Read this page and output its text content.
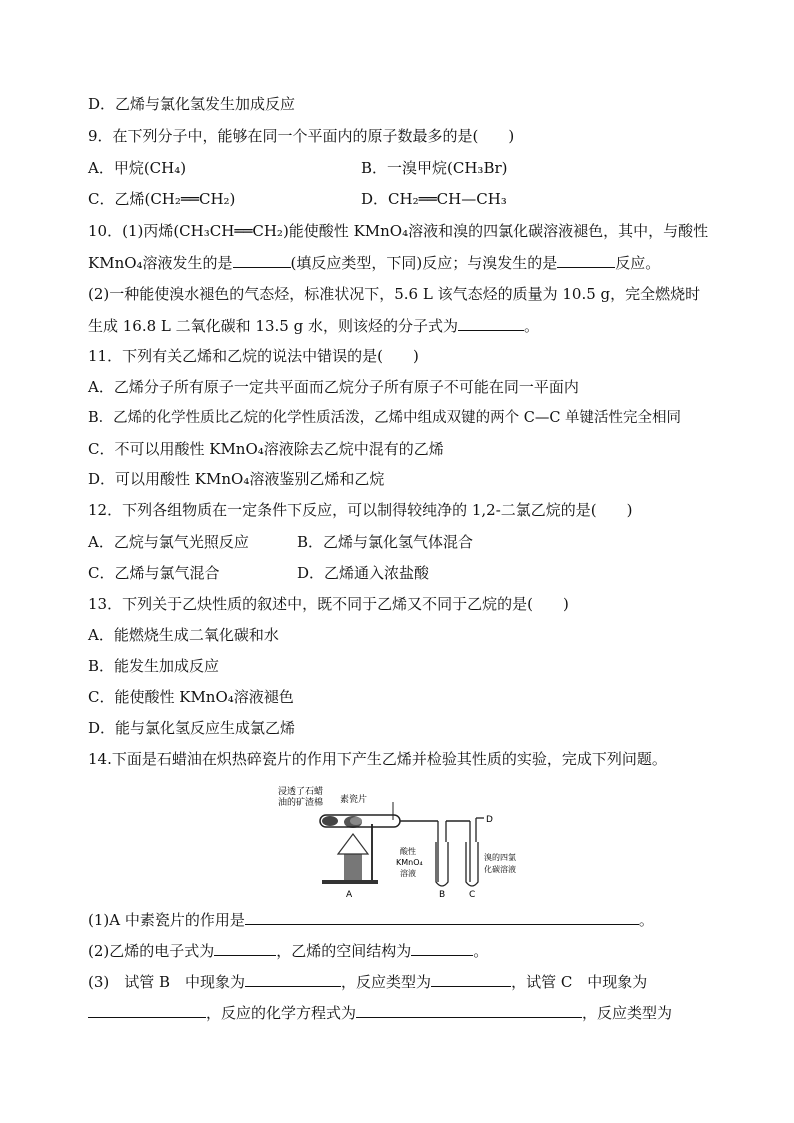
D．乙烯与氯化氢发生加成反应
9．在下列分子中，能够在同一个平面内的原子数最多的是(　　)
A．甲烷(CH₄)	B．一溴甲烷(CH₃Br)
C．乙烯(CH₂══CH₂)	D．CH₂══CH—CH₃
10．(1)丙烯(CH₃CH══CH₂)能使酸性 KMnO₄溶液和溴的四氯化碳溶液褪色，其中，与酸性
KMnO₄溶液发生的是	(填反应类型，下同)反应；与溴发生的是	反应。
(2)一种能使溴水褪色的气态烃，标准状况下，5.6 L 该气态烃的质量为 10.5 g，完全燃烧时
生成 16.8 L 二氧化碳和 13.5 g 水，则该烃的分子式为	。
11．下列有关乙烯和乙烷的说法中错误的是(　　)
A．乙烯分子所有原子一定共平面而乙烷分子所有原子不可能在同一平面内
B．乙烯的化学性质比乙烷的化学性质活泼，乙烯中组成双键的两个 C—C 单键活性完全相同
C．不可以用酸性 KMnO₄溶液除去乙烷中混有的乙烯
D．可以用酸性 KMnO₄溶液鉴别乙烯和乙烷
12．下列各组物质在一定条件下反应，可以制得较纯净的 1,2-二氯乙烷的是(　　)
A．乙烷与氯气光照反应	B．乙烯与氯化氢气体混合
C．乙烯与氯气混合	D．乙烯通入浓盐酸
13．下列关于乙炔性质的叙述中，既不同于乙烯又不同于乙烷的是(　　)
A．能燃烧生成二氧化碳和水
B．能发生加成反应
C．能使酸性 KMnO₄溶液褪色
D．能与氯化氢反应生成氯乙烯
14.下面是石蜡油在炽热碎瓷片的作用下产生乙烯并检验其性质的实验，完成下列问题。
浸透了石蜡
油的矿渣棉 素瓷片
酸性
KMnO₄
溶液
溴的四氯
化碳溶液
A	B	C
D
(1)A 中素瓷片的作用是	。
(2)乙烯的电子式为	，乙烯的空间结构为	。
(3)　试管 B　中现象为	，反应类型为	，试管 C　中现象为
，反应的化学方程式为	，反应类型为
